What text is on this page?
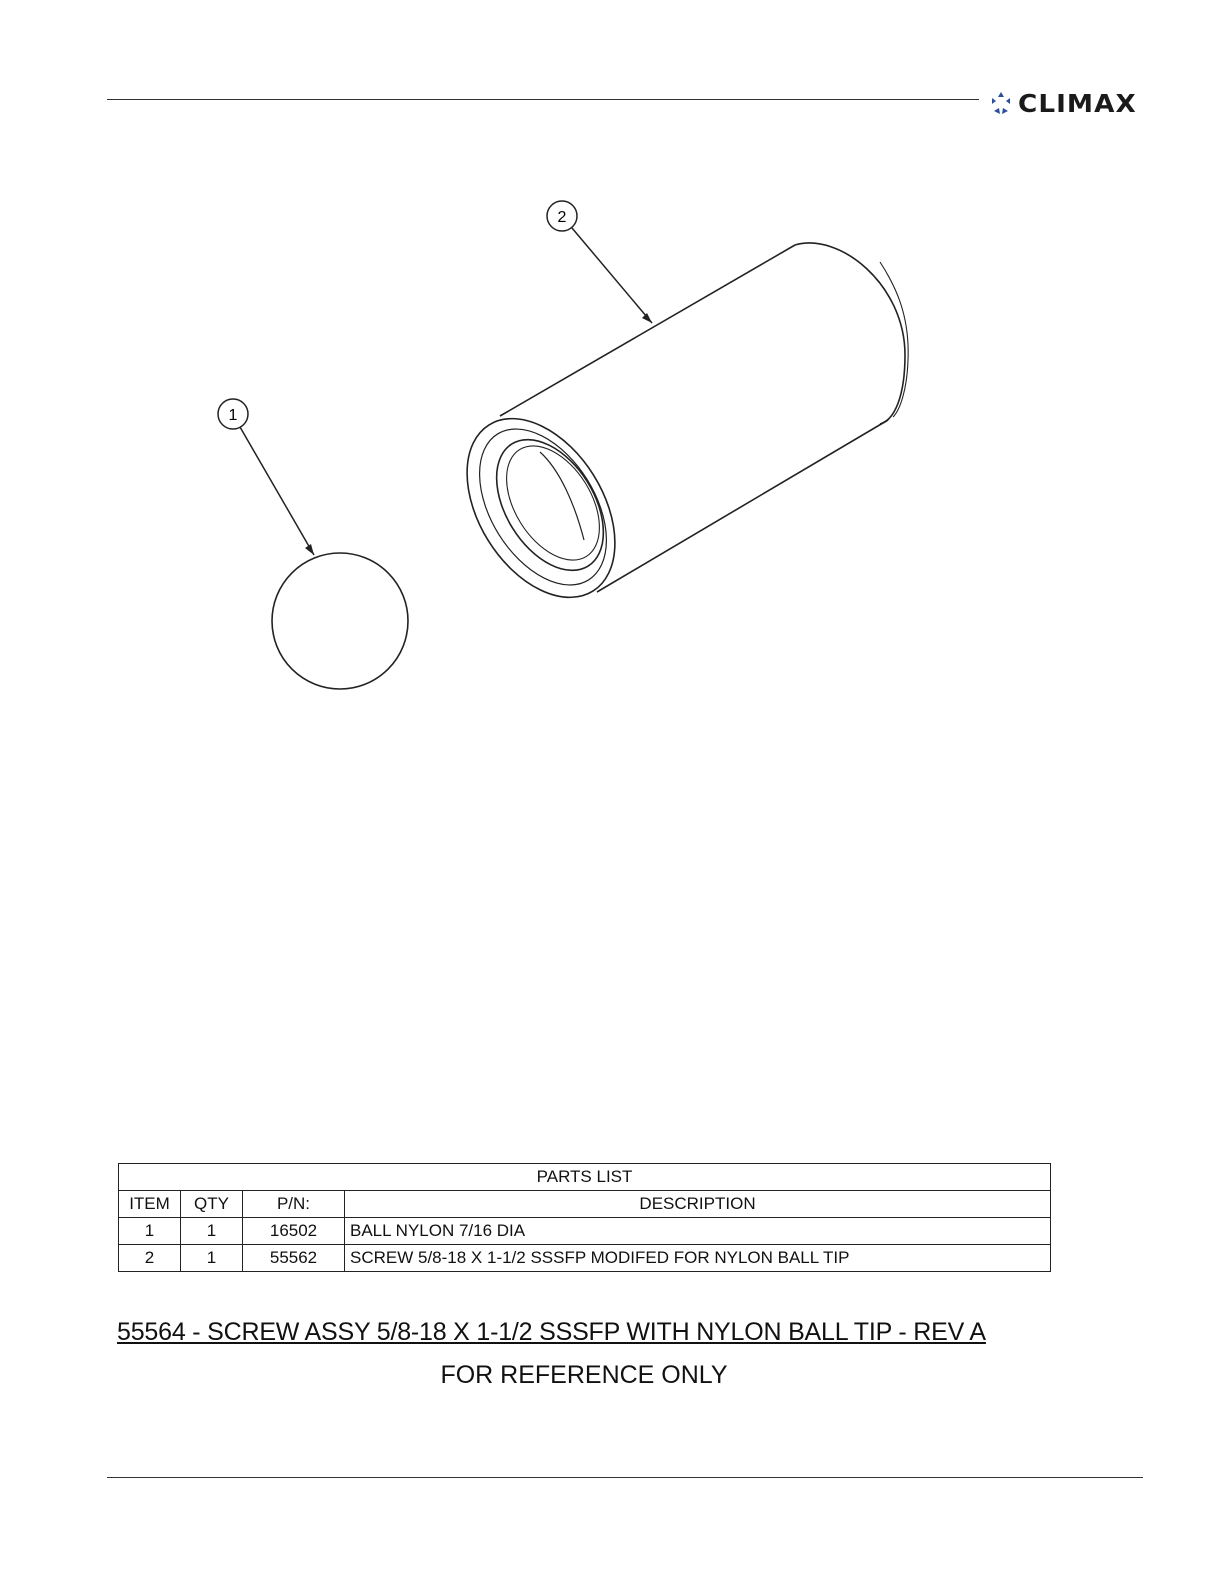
CLIMAX
2
1
PARTS LIST			
ITEM	QTY	P/N:	DESCRIPTION
1	1	16502	BALL NYLON 7/16 DIA
2	1	55562	SCREW 5/8-18 X 1-1/2 SSSFP MODIFED FOR NYLON BALL TIP
55564 - SCREW ASSY 5/8-18 X 1-1/2 SSSFP WITH NYLON BALL TIP - REV A
FOR REFERENCE ONLY
